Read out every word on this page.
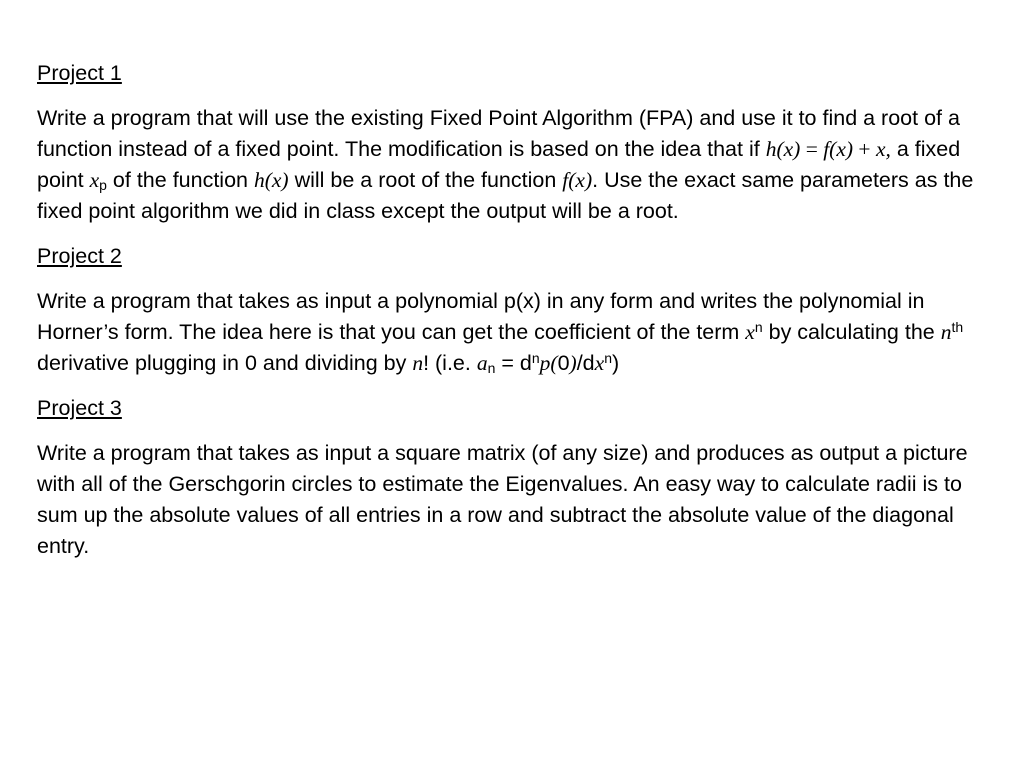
Project 1

Write a program that will use the existing Fixed Point Algorithm (FPA) and use it to find a root of a function instead of a fixed point. The modification is based on the idea that if h(x) = f(x) + x, a fixed point $x_p$ of the function h(x) will be a root of the function f(x). Use the exact same parameters as the fixed point algorithm we did in class except the output will be a root.

Project 2

Write a program that takes as input a polynomial p(x) in any form and writes the polynomial in Horner’s form. The idea here is that you can get the coefficient of the term $x^n$ by calculating the $n^{th}$ derivative plugging in 0 and dividing by n! (i.e. $a_n = d^np(0)/dx^n$)

Project 3

Write a program that takes as input a square matrix (of any size) and produces as output a picture with all of the Gerschgorin circles to estimate the Eigenvalues. An easy way to calculate radii is to sum up the absolute values of all entries in a row and subtract the absolute value of the diagonal entry.
